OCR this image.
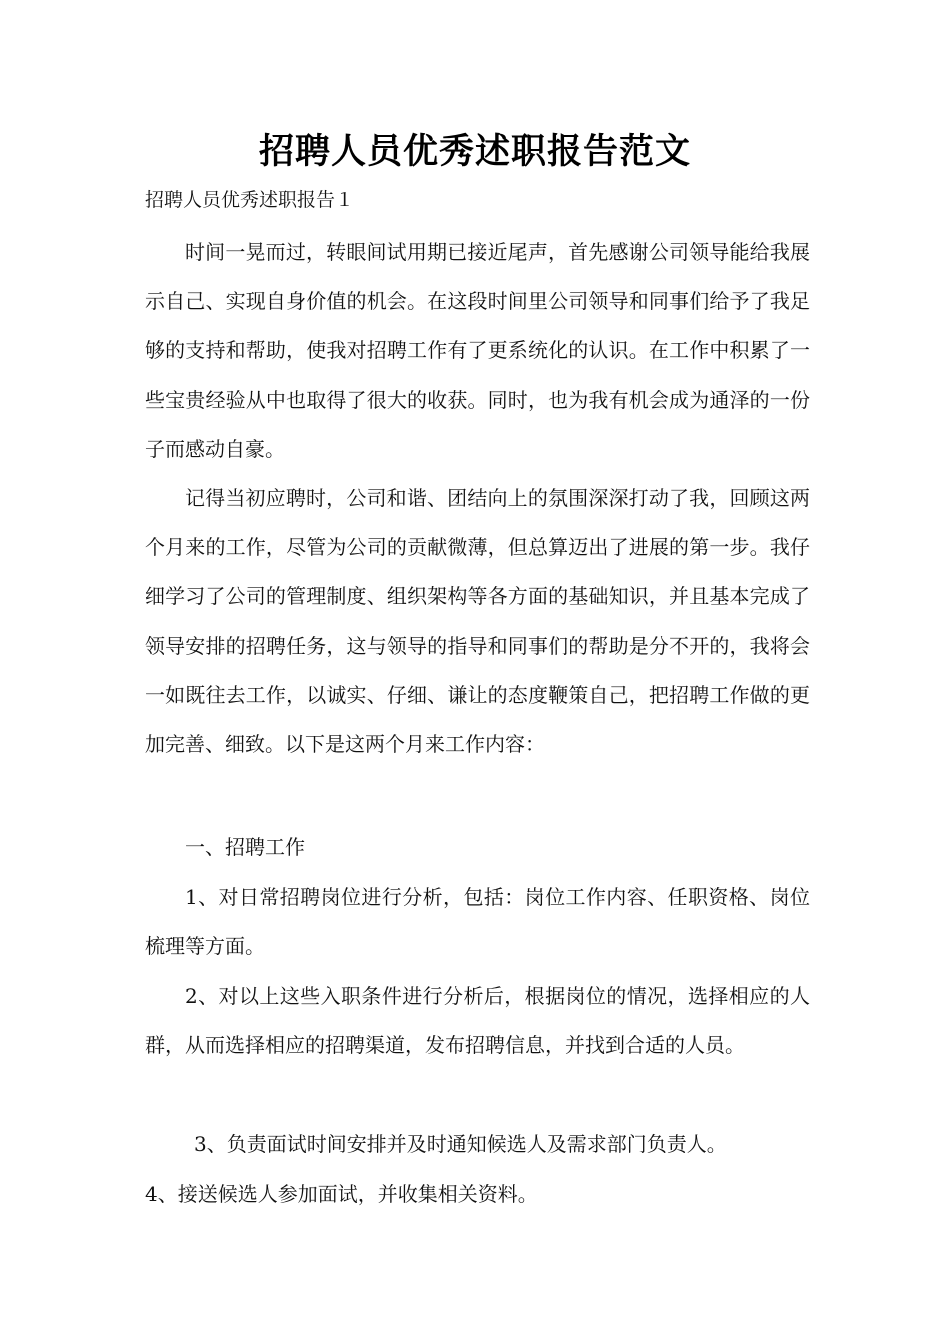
招聘人员优秀述职报告范文
招聘人员优秀述职报告１

时间一晃而过，转眼间试用期已接近尾声，首先感谢公司领导能给我展示自己、实现自身价值的机会。在这段时间里公司领导和同事们给予了我足够的支持和帮助，使我对招聘工作有了更系统化的认识。在工作中积累了一些宝贵经验从中也取得了很大的收获。同时，也为我有机会成为通泽的一份子而感动自豪。

记得当初应聘时，公司和谐、团结向上的氛围深深打动了我，回顾这两个月来的工作，尽管为公司的贡献微薄，但总算迈出了进展的第一步。我仔细学习了公司的管理制度、组织架构等各方面的基础知识，并且基本完成了领导安排的招聘任务，这与领导的指导和同事们的帮助是分不开的，我将会一如既往去工作，以诚实、仔细、谦让的态度鞭策自己，把招聘工作做的更加完善、细致。以下是这两个月来工作内容：

一、招聘工作

1、对日常招聘岗位进行分析，包括：岗位工作内容、任职资格、岗位梳理等方面。

2、对以上这些入职条件进行分析后，根据岗位的情况，选择相应的人群，从而选择相应的招聘渠道，发布招聘信息，并找到合适的人员。

3、负责面试时间安排并及时通知候选人及需求部门负责人。

4、接送候选人参加面试，并收集相关资料。
